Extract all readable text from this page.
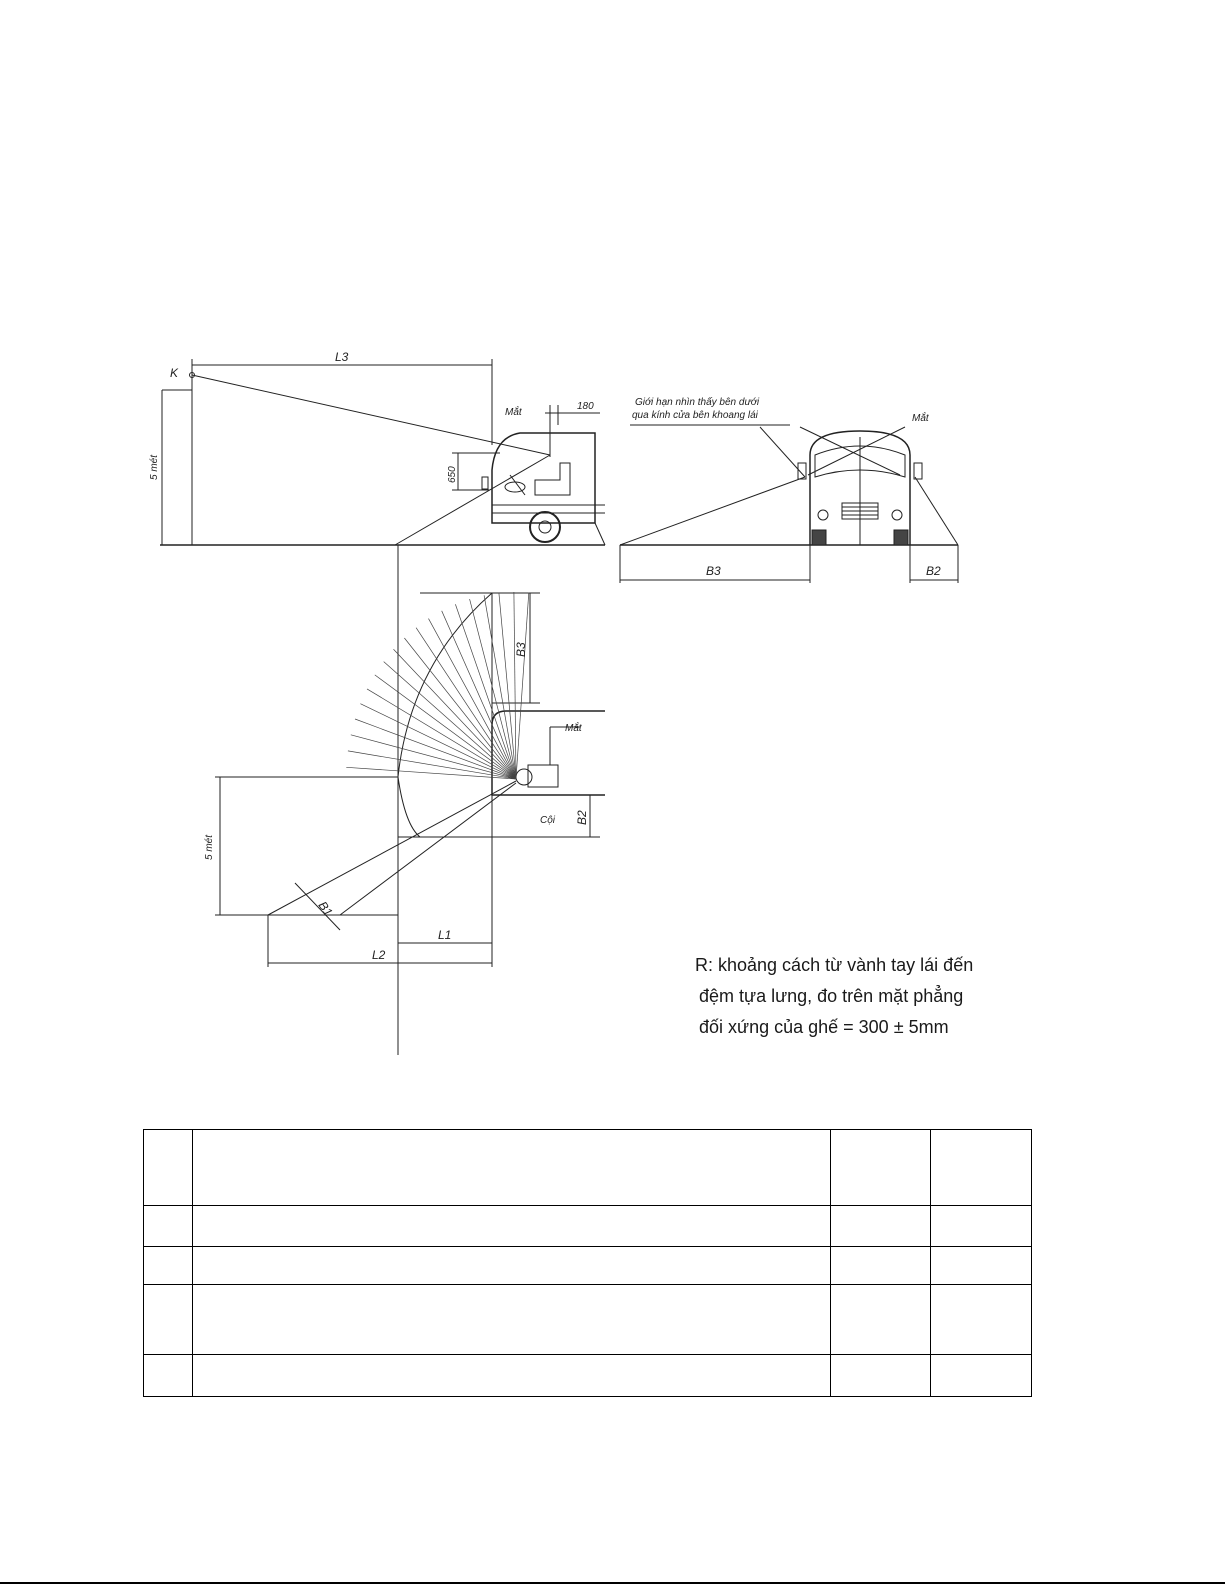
K
L3
Mắt
180
650
5 mét
Giới hạn nhìn thấy bên dưới
qua kính cửa bên khoang lái	Mắt
B3	B2
B3
Mắt
Cội B2
5 mét
B1
L1
L2	R: khoảng cách từ vành tay lái đến
đệm tựa lưng, đo trên mặt phẳng
đối xứng của ghế = 300 ± 5mm
